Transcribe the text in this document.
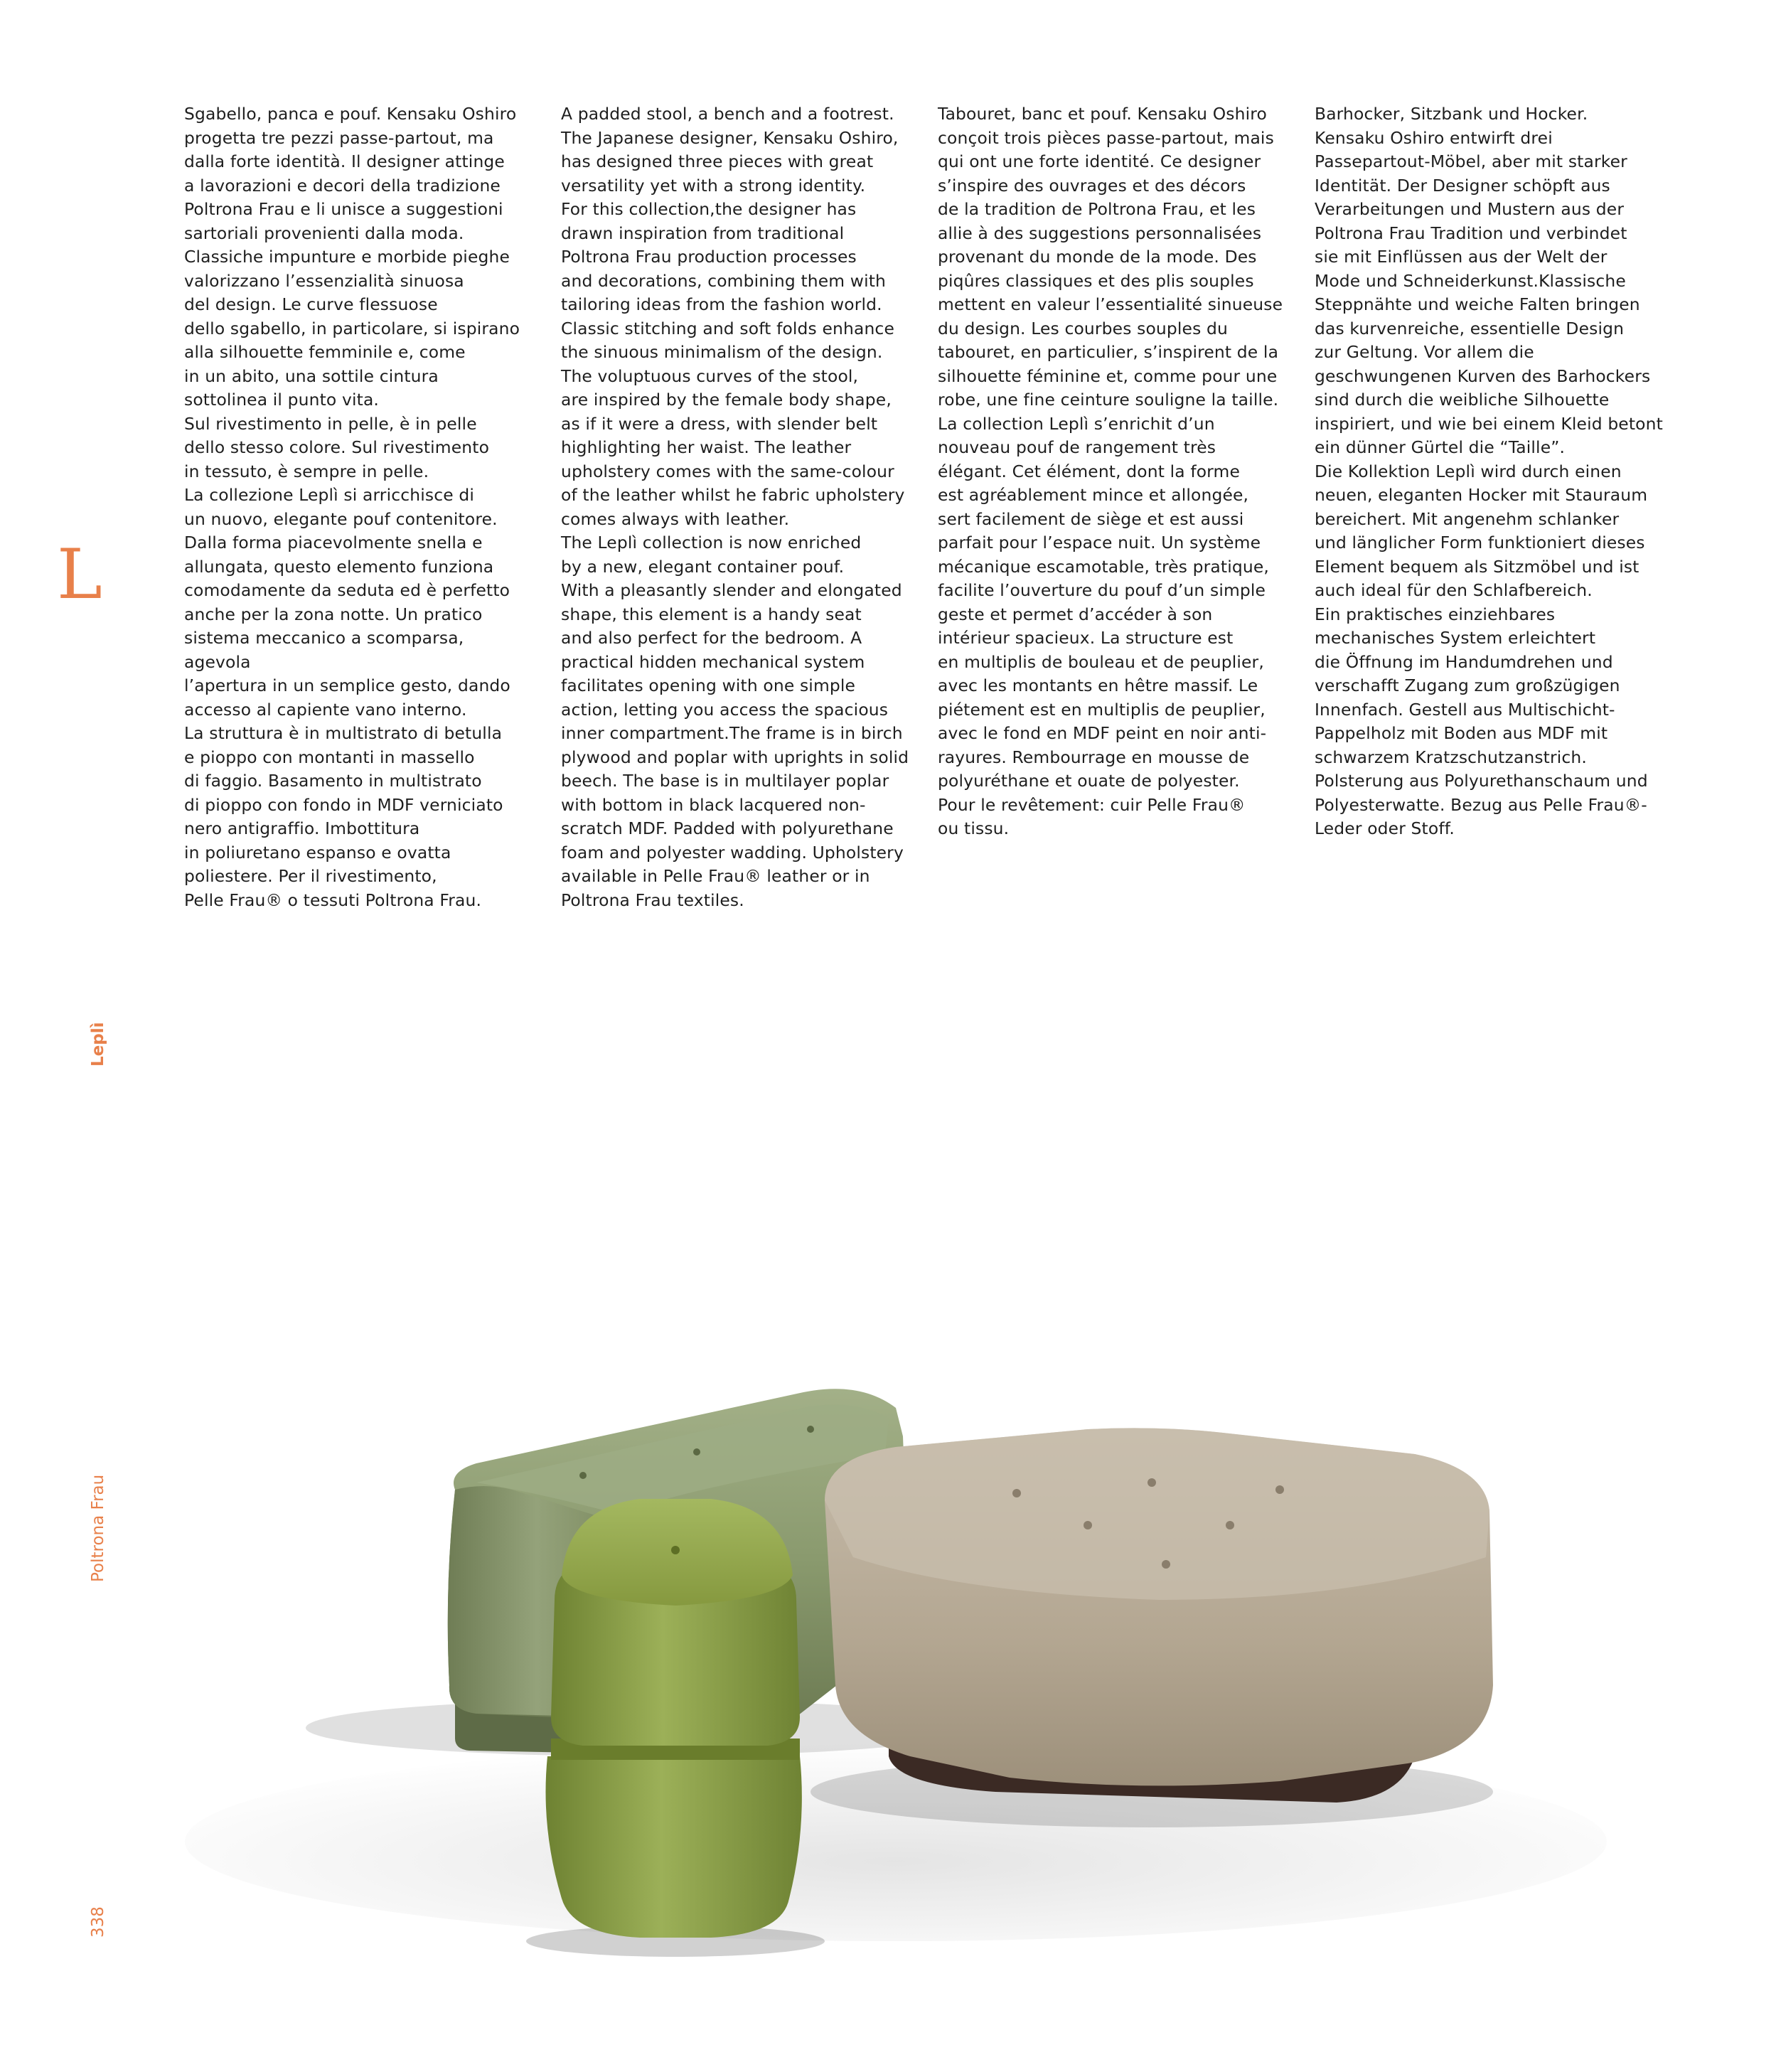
L
Leplì
Poltrona Frau
338
Sgabello, panca e pouf. Kensaku Oshiro
progetta tre pezzi passe-partout, ma
dalla forte identità. Il designer attinge
a lavorazioni e decori della tradizione
Poltrona Frau e li unisce a suggestioni
sartoriali provenienti dalla moda.
Classiche impunture e morbide pieghe
valorizzano l’essenzialità sinuosa
del design. Le curve flessuose
dello sgabello, in particolare, si ispirano
alla silhouette femminile e, come
in un abito, una sottile cintura
sottolinea il punto vita.
Sul rivestimento in pelle, è in pelle
dello stesso colore. Sul rivestimento
in tessuto, è sempre in pelle.
La collezione Leplì si arricchisce di
un nuovo, elegante pouf contenitore.
Dalla forma piacevolmente snella e
allungata, questo elemento funziona
comodamente da seduta ed è perfetto
anche per la zona notte. Un pratico
sistema meccanico a scomparsa, agevola
l’apertura in un semplice gesto, dando
accesso al capiente vano interno.
La struttura è in multistrato di betulla
e pioppo con montanti in massello
di faggio. Basamento in multistrato
di pioppo con fondo in MDF verniciato
nero antigraffio. Imbottitura
in poliuretano espanso e ovatta
poliestere. Per il rivestimento,
Pelle Frau® o tessuti Poltrona Frau.
A padded stool, a bench and a footrest.
The Japanese designer, Kensaku Oshiro,
has designed three pieces with great
versatility yet with a strong identity.
For this collection,the designer has
drawn inspiration from traditional
Poltrona Frau production processes
and decorations, combining them with
tailoring ideas from the fashion world.
Classic stitching and soft folds enhance
the sinuous minimalism of the design.
The voluptuous curves of the stool,
are inspired by the female body shape,
as if it were a dress, with slender belt
highlighting her waist. The leather
upholstery comes with the same-colour
of the leather whilst he fabric upholstery
comes always with leather.
The Leplì collection is now enriched
by a new, elegant container pouf.
With a pleasantly slender and elongated
shape, this element is a handy seat
and also perfect for the bedroom. A
practical hidden mechanical system
facilitates opening with one simple
action, letting you access the spacious
inner compartment.The frame is in birch
plywood and poplar with uprights in solid
beech. The base is in multilayer poplar
with bottom in black lacquered non-
scratch MDF. Padded with polyurethane
foam and polyester wadding. Upholstery
available in Pelle Frau® leather or in
Poltrona Frau textiles.
Tabouret, banc et pouf. Kensaku Oshiro
conçoit trois pièces passe-partout, mais
qui ont une forte identité. Ce designer
s’inspire des ouvrages et des décors
de la tradition de Poltrona Frau, et les
allie à des suggestions personnalisées
provenant du monde de la mode. Des
piqûres classiques et des plis souples
mettent en valeur l’essentialité sinueuse
du design. Les courbes souples du
tabouret, en particulier, s’inspirent de la
silhouette féminine et, comme pour une
robe, une fine ceinture souligne la taille.
La collection Leplì s’enrichit d’un
nouveau pouf de rangement très
élégant. Cet élément, dont la forme
est agréablement mince et allongée,
sert facilement de siège et est aussi
parfait pour l’espace nuit. Un système
mécanique escamotable, très pratique,
facilite l’ouverture du pouf d’un simple
geste et permet d’accéder à son
intérieur spacieux. La structure est
en multiplis de bouleau et de peuplier,
avec les montants en hêtre massif. Le
piétement est en multiplis de peuplier,
avec le fond en MDF peint en noir anti-
rayures. Rembourrage en mousse de
polyuréthane et ouate de polyester.
Pour le revêtement: cuir Pelle Frau®
ou tissu.
Barhocker, Sitzbank und Hocker.
Kensaku Oshiro entwirft drei
Passepartout-Möbel, aber mit starker
Identität. Der Designer schöpft aus
Verarbeitungen und Mustern aus der
Poltrona Frau Tradition und verbindet
sie mit Einflüssen aus der Welt der
Mode und Schneiderkunst.Klassische
Steppnähte und weiche Falten bringen
das kurvenreiche, essentielle Design
zur Geltung. Vor allem die
geschwungenen Kurven des Barhockers
sind durch die weibliche Silhouette
inspiriert, und wie bei einem Kleid betont
ein dünner Gürtel die “Taille”.
Die Kollektion Leplì wird durch einen
neuen, eleganten Hocker mit Stauraum
bereichert. Mit angenehm schlanker
und länglicher Form funktioniert dieses
Element bequem als Sitzmöbel und ist
auch ideal für den Schlafbereich.
Ein praktisches einziehbares
mechanisches System erleichtert
die Öffnung im Handumdrehen und
verschafft Zugang zum großzügigen
Innenfach. Gestell aus Multischicht-
Pappelholz mit Boden aus MDF mit
schwarzem Kratzschutzanstrich.
Polsterung aus Polyurethanschaum und
Polyesterwatte. Bezug aus Pelle Frau®-
Leder oder Stoff.
